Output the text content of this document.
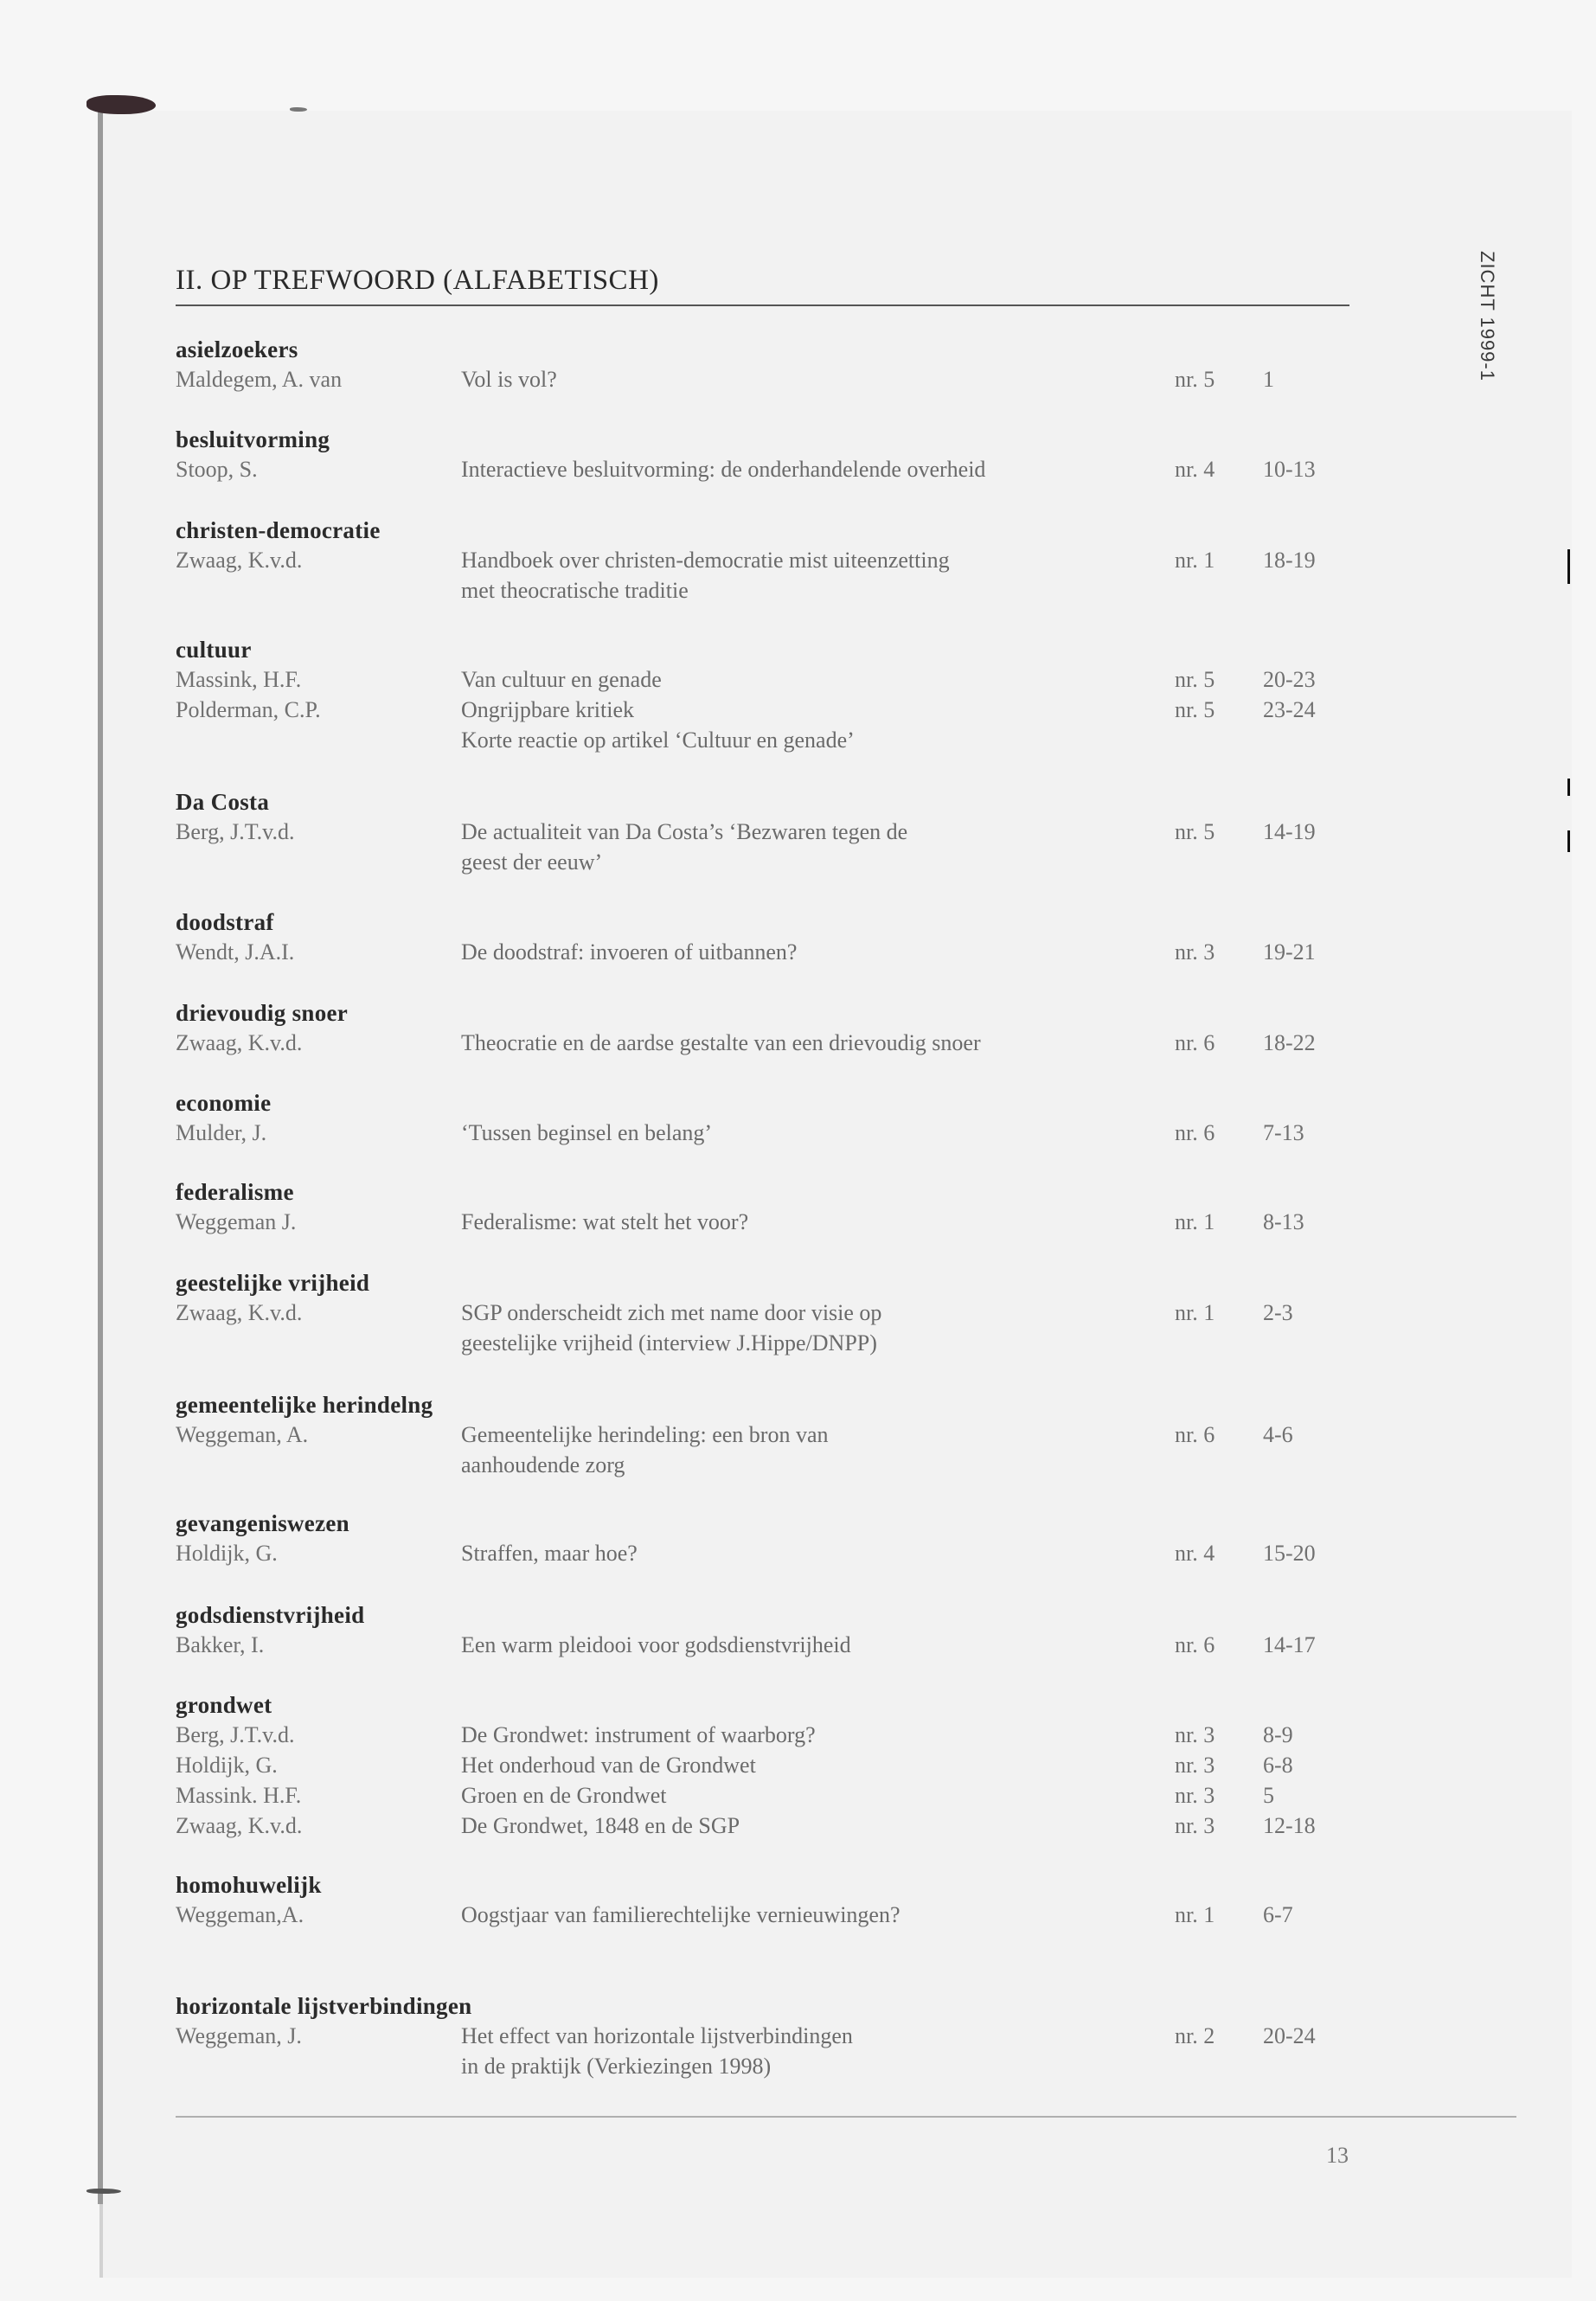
II. OP TREFWOORD (ALFABETISCH)	ZICHT 1999-1
asielzoekers
Maldegem, A. van	Vol is vol?	nr. 5 1
besluitvorming
Stoop, S.	Interactieve besluitvorming: de onderhandelende overheid	nr. 4 10-13
christen-democratie
Zwaag, K.v.d.	Handboek over christen-democratie mist uiteenzetting	nr. 1 18-19
met theocratische traditie
cultuur
Massink, H.F.	Van cultuur en genade	nr. 5 20-23
Polderman, C.P.	Ongrijpbare kritiek	nr. 5 23-24
Korte reactie op artikel ‘Cultuur en genade’
Da Costa
Berg, J.T.v.d.	De actualiteit van Da Costa’s ‘Bezwaren tegen de	nr. 5 14-19
geest der eeuw’
doodstraf
Wendt, J.A.I.	De doodstraf: invoeren of uitbannen?	nr. 3 19-21
drievoudig snoer
Zwaag, K.v.d.	Theocratie en de aardse gestalte van een drievoudig snoer	nr. 6 18-22
economie
Mulder, J.	‘Tussen beginsel en belang’	nr. 6 7-13
federalisme
Weggeman J.	Federalisme: wat stelt het voor?	nr. 1 8-13
geestelijke vrijheid
Zwaag, K.v.d.	SGP onderscheidt zich met name door visie op	nr. 1 2-3
geestelijke vrijheid (interview J.Hippe/DNPP)
gemeentelijke herindelng
Weggeman, A.	Gemeentelijke herindeling: een bron van	nr. 6 4-6
aanhoudende zorg
gevangeniswezen
Holdijk, G.	Straffen, maar hoe?	nr. 4 15-20
godsdienstvrijheid
Bakker, I.	Een warm pleidooi voor godsdienstvrijheid	nr. 6 14-17
grondwet
Berg, J.T.v.d.	De Grondwet: instrument of waarborg?	nr. 3 8-9
Holdijk, G.	Het onderhoud van de Grondwet	nr. 3 6-8
Massink. H.F.	Groen en de Grondwet	nr. 3 5
Zwaag, K.v.d.	De Grondwet, 1848 en de SGP	nr. 3 12-18
homohuwelijk
Weggeman,A.	Oogstjaar van familierechtelijke vernieuwingen?	nr. 1 6-7
horizontale lijstverbindingen
Weggeman, J.	Het effect van horizontale lijstverbindingen	nr. 2 20-24
in de praktijk (Verkiezingen 1998)
13
